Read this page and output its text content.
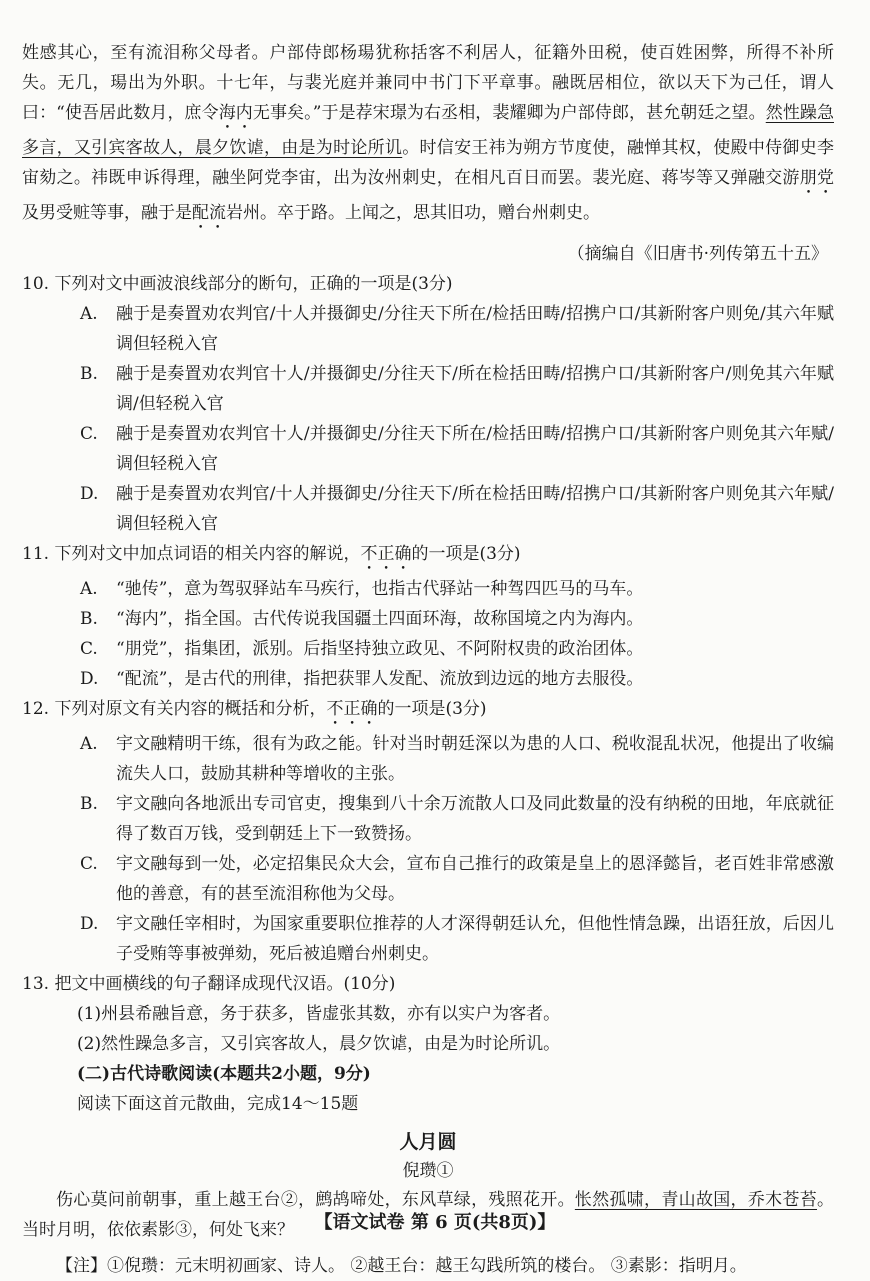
姓感其心，至有流泪称父母者。户部侍郎杨瑒犹称括客不利居人，征籍外田税，使百姓困弊，所得不补所失。无几，瑒出为外职。十七年，与裴光庭并兼同中书门下平章事。融既居相位，欲以天下为己任，谓人曰：“使吾居此数月，庶令海内无事矣。”于是荐宋璟为右丞相，裴耀卿为户部侍郎，甚允朝廷之望。然性躁急多言，又引宾客故人，晨夕饮谑，由是为时论所讥。时信安王祎为朔方节度使，融惮其权，使殿中侍御史李宙劾之。祎既申诉得理，融坐阿党李宙，出为汝州刺史，在相凡百日而罢。裴光庭、蒋岑等又弹融交游朋党及男受赃等事，融于是配流岩州。卒于路。上闻之，思其旧功，赠台州刺史。

（摘编自《旧唐书·列传第五十五》

10. 下列对文中画波浪线部分的断句，正确的一项是(3分)

A.	融于是奏置劝农判官/十人并摄御史/分往天下所在/检括田畴/招携户口/其新附客户则免/其六年赋调但轻税入官
B.	融于是奏置劝农判官十人/并摄御史/分往天下/所在检括田畴/招携户口/其新附客户/则免其六年赋调/但轻税入官
C.	融于是奏置劝农判官十人/并摄御史/分往天下所在/检括田畴/招携户口/其新附客户则免其六年赋/调但轻税入官
D.	融于是奏置劝农判官/十人并摄御史/分往天下/所在检括田畴/招携户口/其新附客户则免其六年赋/调但轻税入官

11. 下列对文中加点词语的相关内容的解说，不正确的一项是(3分)

A.	“驰传”，意为驾驭驿站车马疾行，也指古代驿站一种驾四匹马的马车。
B.	“海内”，指全国。古代传说我国疆土四面环海，故称国境之内为海内。
C.	“朋党”，指集团，派别。后指坚持独立政见、不阿附权贵的政治团体。
D.	“配流”，是古代的刑律，指把获罪人发配、流放到边远的地方去服役。

12. 下列对原文有关内容的概括和分析，不正确的一项是(3分)

A.	宇文融精明干练，很有为政之能。针对当时朝廷深以为患的人口、税收混乱状况，他提出了收编流失人口，鼓励其耕种等增收的主张。
B.	宇文融向各地派出专司官吏，搜集到八十余万流散人口及同此数量的没有纳税的田地，年底就征得了数百万钱，受到朝廷上下一致赞扬。
C.	宇文融每到一处，必定招集民众大会，宣布自己推行的政策是皇上的恩泽懿旨，老百姓非常感激他的善意，有的甚至流泪称他为父母。
D.	宇文融任宰相时，为国家重要职位推荐的人才深得朝廷认允，但他性情急躁，出语狂放，后因儿子受贿等事被弹劾，死后被追赠台州刺史。

13. 把文中画横线的句子翻译成现代汉语。(10分)

(1)州县希融旨意，务于获多，皆虚张其数，亦有以实户为客者。
(2)然性躁急多言，又引宾客故人，晨夕饮谑，由是为时论所讥。
(二)古代诗歌阅读(本题共2小题，9分)
阅读下面这首元散曲，完成14～15题
人月圆
倪瓒①

伤心莫问前朝事，重上越王台②，鹧鸪啼处，东风草绿，残照花开。怅然孤啸，青山故国，乔木苍苔。当时月明，依依素影③，何处飞来？

【注】①倪瓒：元末明初画家、诗人。 ②越王台：越王勾践所筑的楼台。 ③素影：指明月。

【语文试卷 第 6 页(共8页)】
